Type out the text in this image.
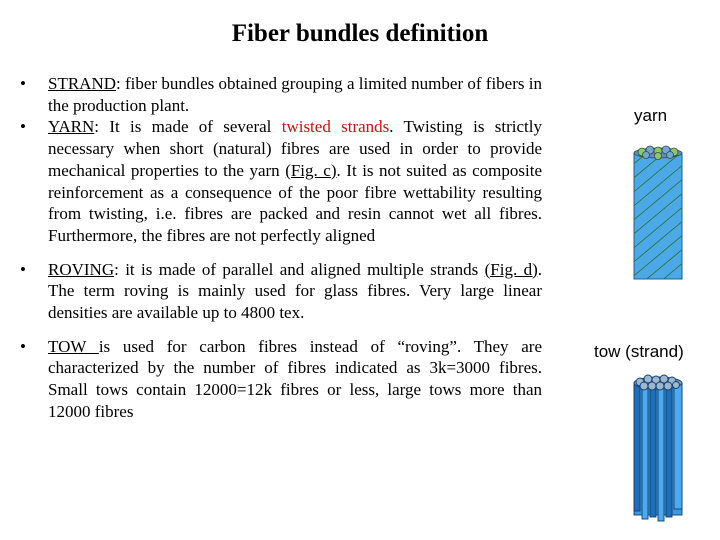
Fiber bundles definition
• STRAND: fiber bundles obtained grouping a limited number of fibers in the production plant.
• YARN: It is made of several twisted strands. Twisting is strictly necessary when short (natural) fibres are used in order to provide mechanical properties to the yarn (Fig. c). It is not suited as composite reinforcement as a consequence of the poor fibre wettability resulting from twisting, i.e. fibres are packed and resin cannot wet all fibres. Furthermore, the fibres are not perfectly aligned
• ROVING: it is made of parallel and aligned multiple strands (Fig. d). The term roving is mainly used for glass fibres. Very large linear densities are available up to 4800 tex.
• TOW is used for carbon fibres instead of “roving”. They are characterized by the number of fibres indicated as 3k=3000 fibres. Small tows contain 12000=12k fibres or less, large tows more than 12000 fibres
yarn
tow (strand)
